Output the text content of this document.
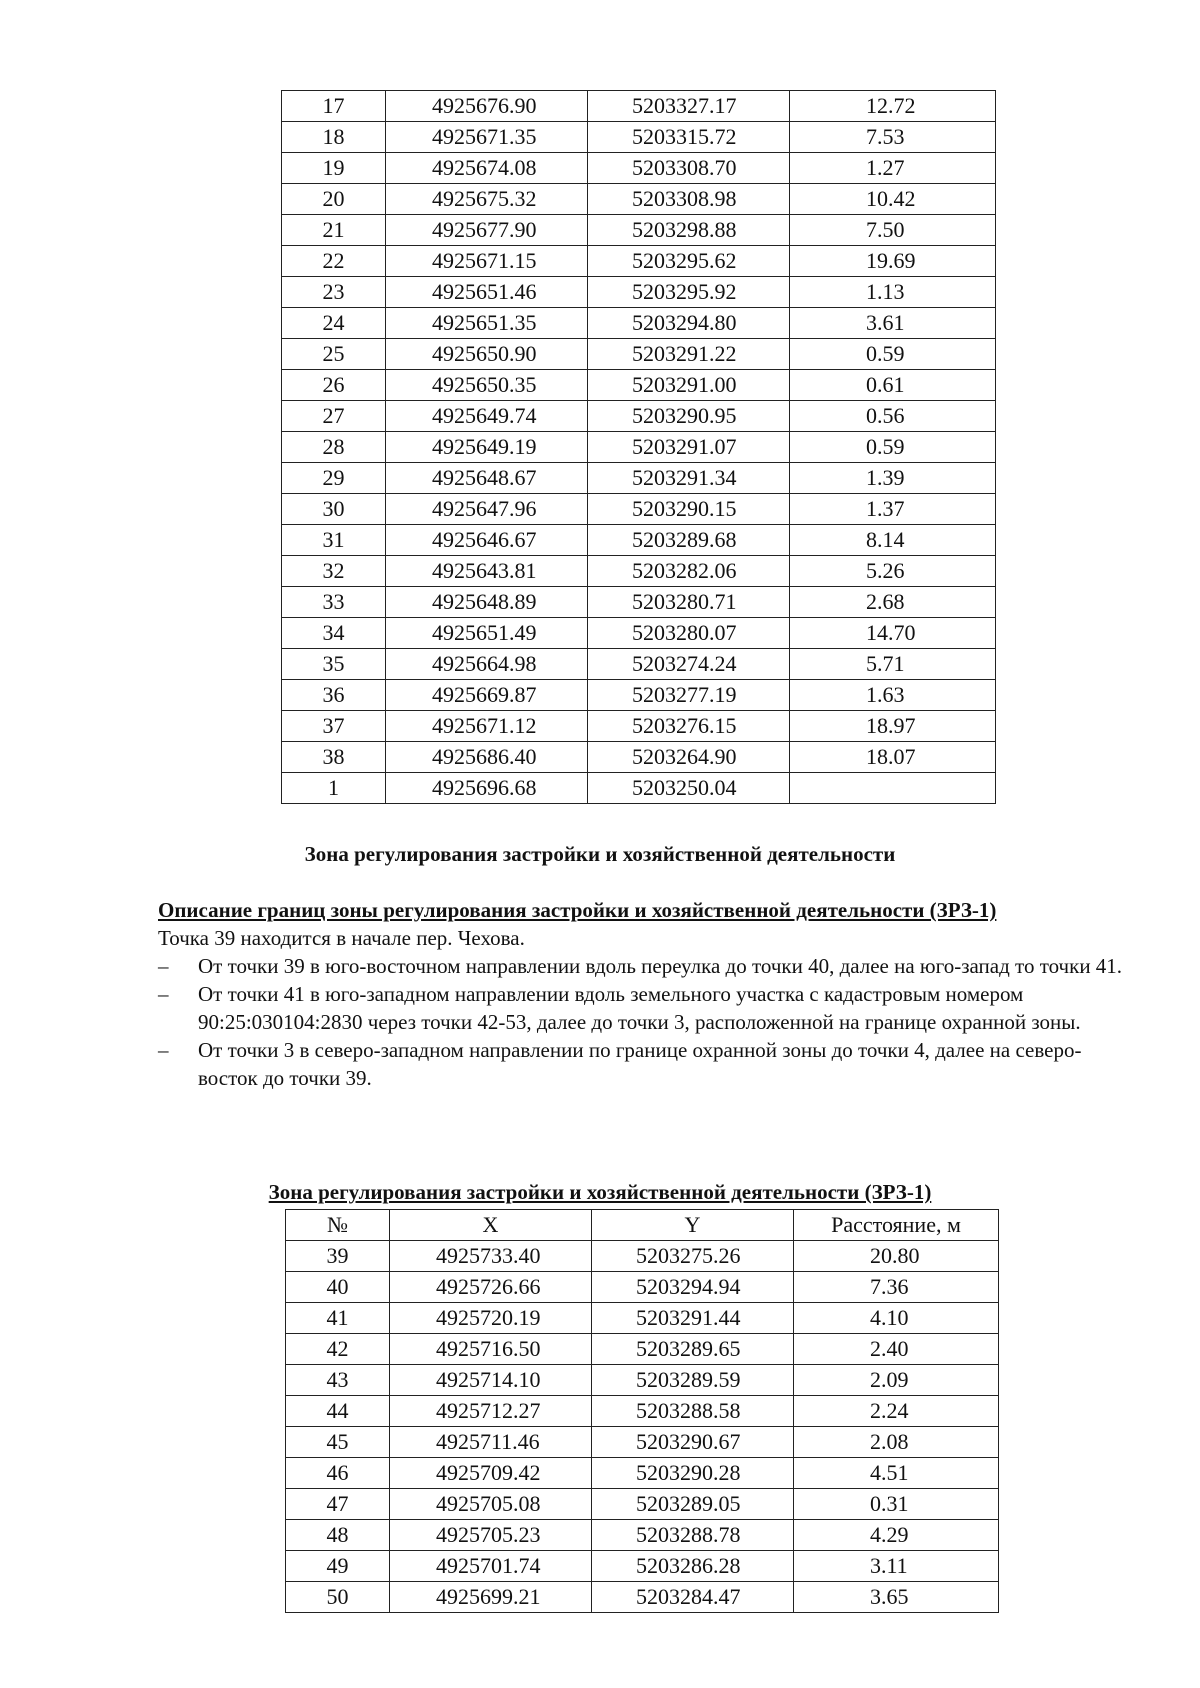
17	4925676.90	5203327.17	12.72
18	4925671.35	5203315.72	7.53
19	4925674.08	5203308.70	1.27
20	4925675.32	5203308.98	10.42
21	4925677.90	5203298.88	7.50
22	4925671.15	5203295.62	19.69
23	4925651.46	5203295.92	1.13
24	4925651.35	5203294.80	3.61
25	4925650.90	5203291.22	0.59
26	4925650.35	5203291.00	0.61
27	4925649.74	5203290.95	0.56
28	4925649.19	5203291.07	0.59
29	4925648.67	5203291.34	1.39
30	4925647.96	5203290.15	1.37
31	4925646.67	5203289.68	8.14
32	4925643.81	5203282.06	5.26
33	4925648.89	5203280.71	2.68
34	4925651.49	5203280.07	14.70
35	4925664.98	5203274.24	5.71
36	4925669.87	5203277.19	1.63
37	4925671.12	5203276.15	18.97
38	4925686.40	5203264.90	18.07
1	4925696.68	5203250.04	
Зона регулирования застройки и хозяйственной деятельности
Описание границ зоны регулирования застройки и хозяйственной деятельности (ЗРЗ-1)
Точка 39 находится в начале пер. Чехова.
– От точки 39 в юго-восточном направлении вдоль переулка до точки 40, далее на юго-запад то точки 41.
– От точки 41 в юго-западном направлении вдоль земельного участка с кадастровым номером 90:25:030104:2830 через точки 42-53, далее до точки 3, расположенной на границе охранной зоны.
– От точки 3 в северо-западном направлении по границе охранной зоны до точки 4, далее на северо-восток до точки 39.
Зона регулирования застройки и хозяйственной деятельности (ЗРЗ-1)
№	X	Y	Расстояние, м
39	4925733.40	5203275.26	20.80
40	4925726.66	5203294.94	7.36
41	4925720.19	5203291.44	4.10
42	4925716.50	5203289.65	2.40
43	4925714.10	5203289.59	2.09
44	4925712.27	5203288.58	2.24
45	4925711.46	5203290.67	2.08
46	4925709.42	5203290.28	4.51
47	4925705.08	5203289.05	0.31
48	4925705.23	5203288.78	4.29
49	4925701.74	5203286.28	3.11
50	4925699.21	5203284.47	3.65
